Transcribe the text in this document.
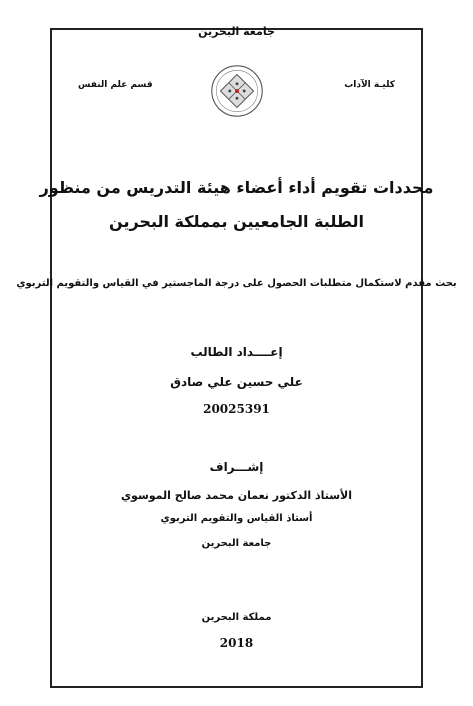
جامعة البحرين
قسم علم النفس	كليـة الآداب
محددات تقويم أداء أعضاء هيئة التدريس من منظور
الطلبة الجامعيين بمملكة البحرين
بحث مقدم لاستكمال متطلبات الحصول على درجة الماجستير في القياس والتقويم التربوي
إعــــداد الطالب
علي حسين علي صادق
20025391
إشـــراف
الأستاذ الدكتور نعمان محمد صالح الموسوي
أستاذ القياس والتقويم التربوي
جامعة البحرين
مملكة البحرين
2018
